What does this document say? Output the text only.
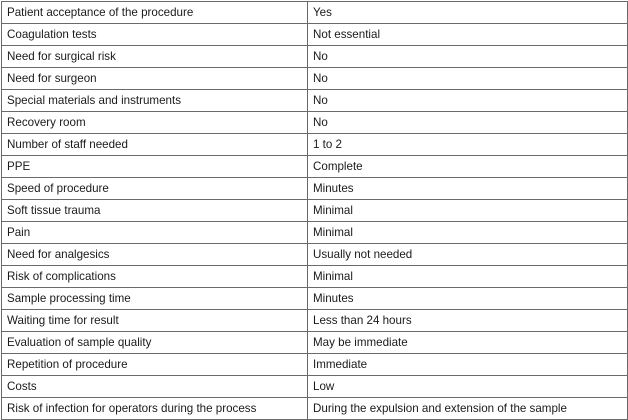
Patient acceptance of the procedure	Yes
Coagulation tests	Not essential
Need for surgical risk	No
Need for surgeon	No
Special materials and instruments	No
Recovery room	No
Number of staff needed	1 to 2
PPE	Complete
Speed of procedure	Minutes
Soft tissue trauma	Minimal
Pain	Minimal
Need for analgesics	Usually not needed
Risk of complications	Minimal
Sample processing time	Minutes
Waiting time for result	Less than 24 hours
Evaluation of sample quality	May be immediate
Repetition of procedure	Immediate
Costs	Low
Risk of infection for operators during the process	During the expulsion and extension of the sample
